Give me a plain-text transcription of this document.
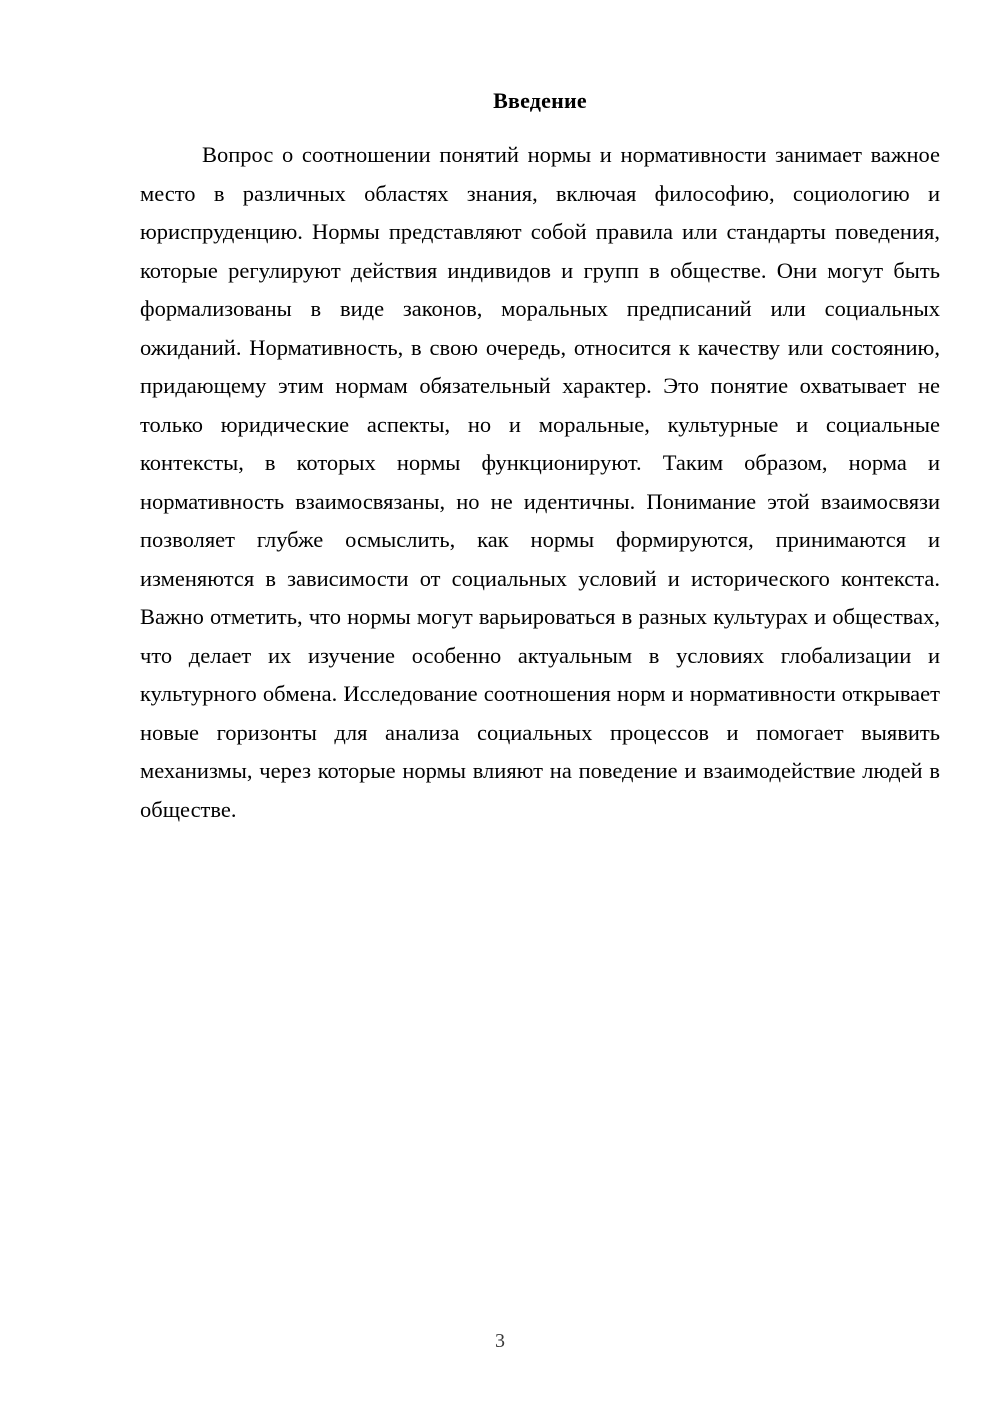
Введение

Вопрос о соотношении понятий нормы и нормативности занимает важное место в различных областях знания, включая философию, социологию и юриспруденцию. Нормы представляют собой правила или стандарты поведения, которые регулируют действия индивидов и групп в обществе. Они могут быть формализованы в виде законов, моральных предписаний или социальных ожиданий. Нормативность, в свою очередь, относится к качеству или состоянию, придающему этим нормам обязательный характер. Это понятие охватывает не только юридические аспекты, но и моральные, культурные и социальные контексты, в которых нормы функционируют. Таким образом, норма и нормативность взаимосвязаны, но не идентичны. Понимание этой взаимосвязи позволяет глубже осмыслить, как нормы формируются, принимаются и изменяются в зависимости от социальных условий и исторического контекста. Важно отметить, что нормы могут варьироваться в разных культурах и обществах, что делает их изучение особенно актуальным в условиях глобализации и культурного обмена. Исследование соотношения норм и нормативности открывает новые горизонты для анализа социальных процессов и помогает выявить механизмы, через которые нормы влияют на поведение и взаимодействие людей в обществе.

3
